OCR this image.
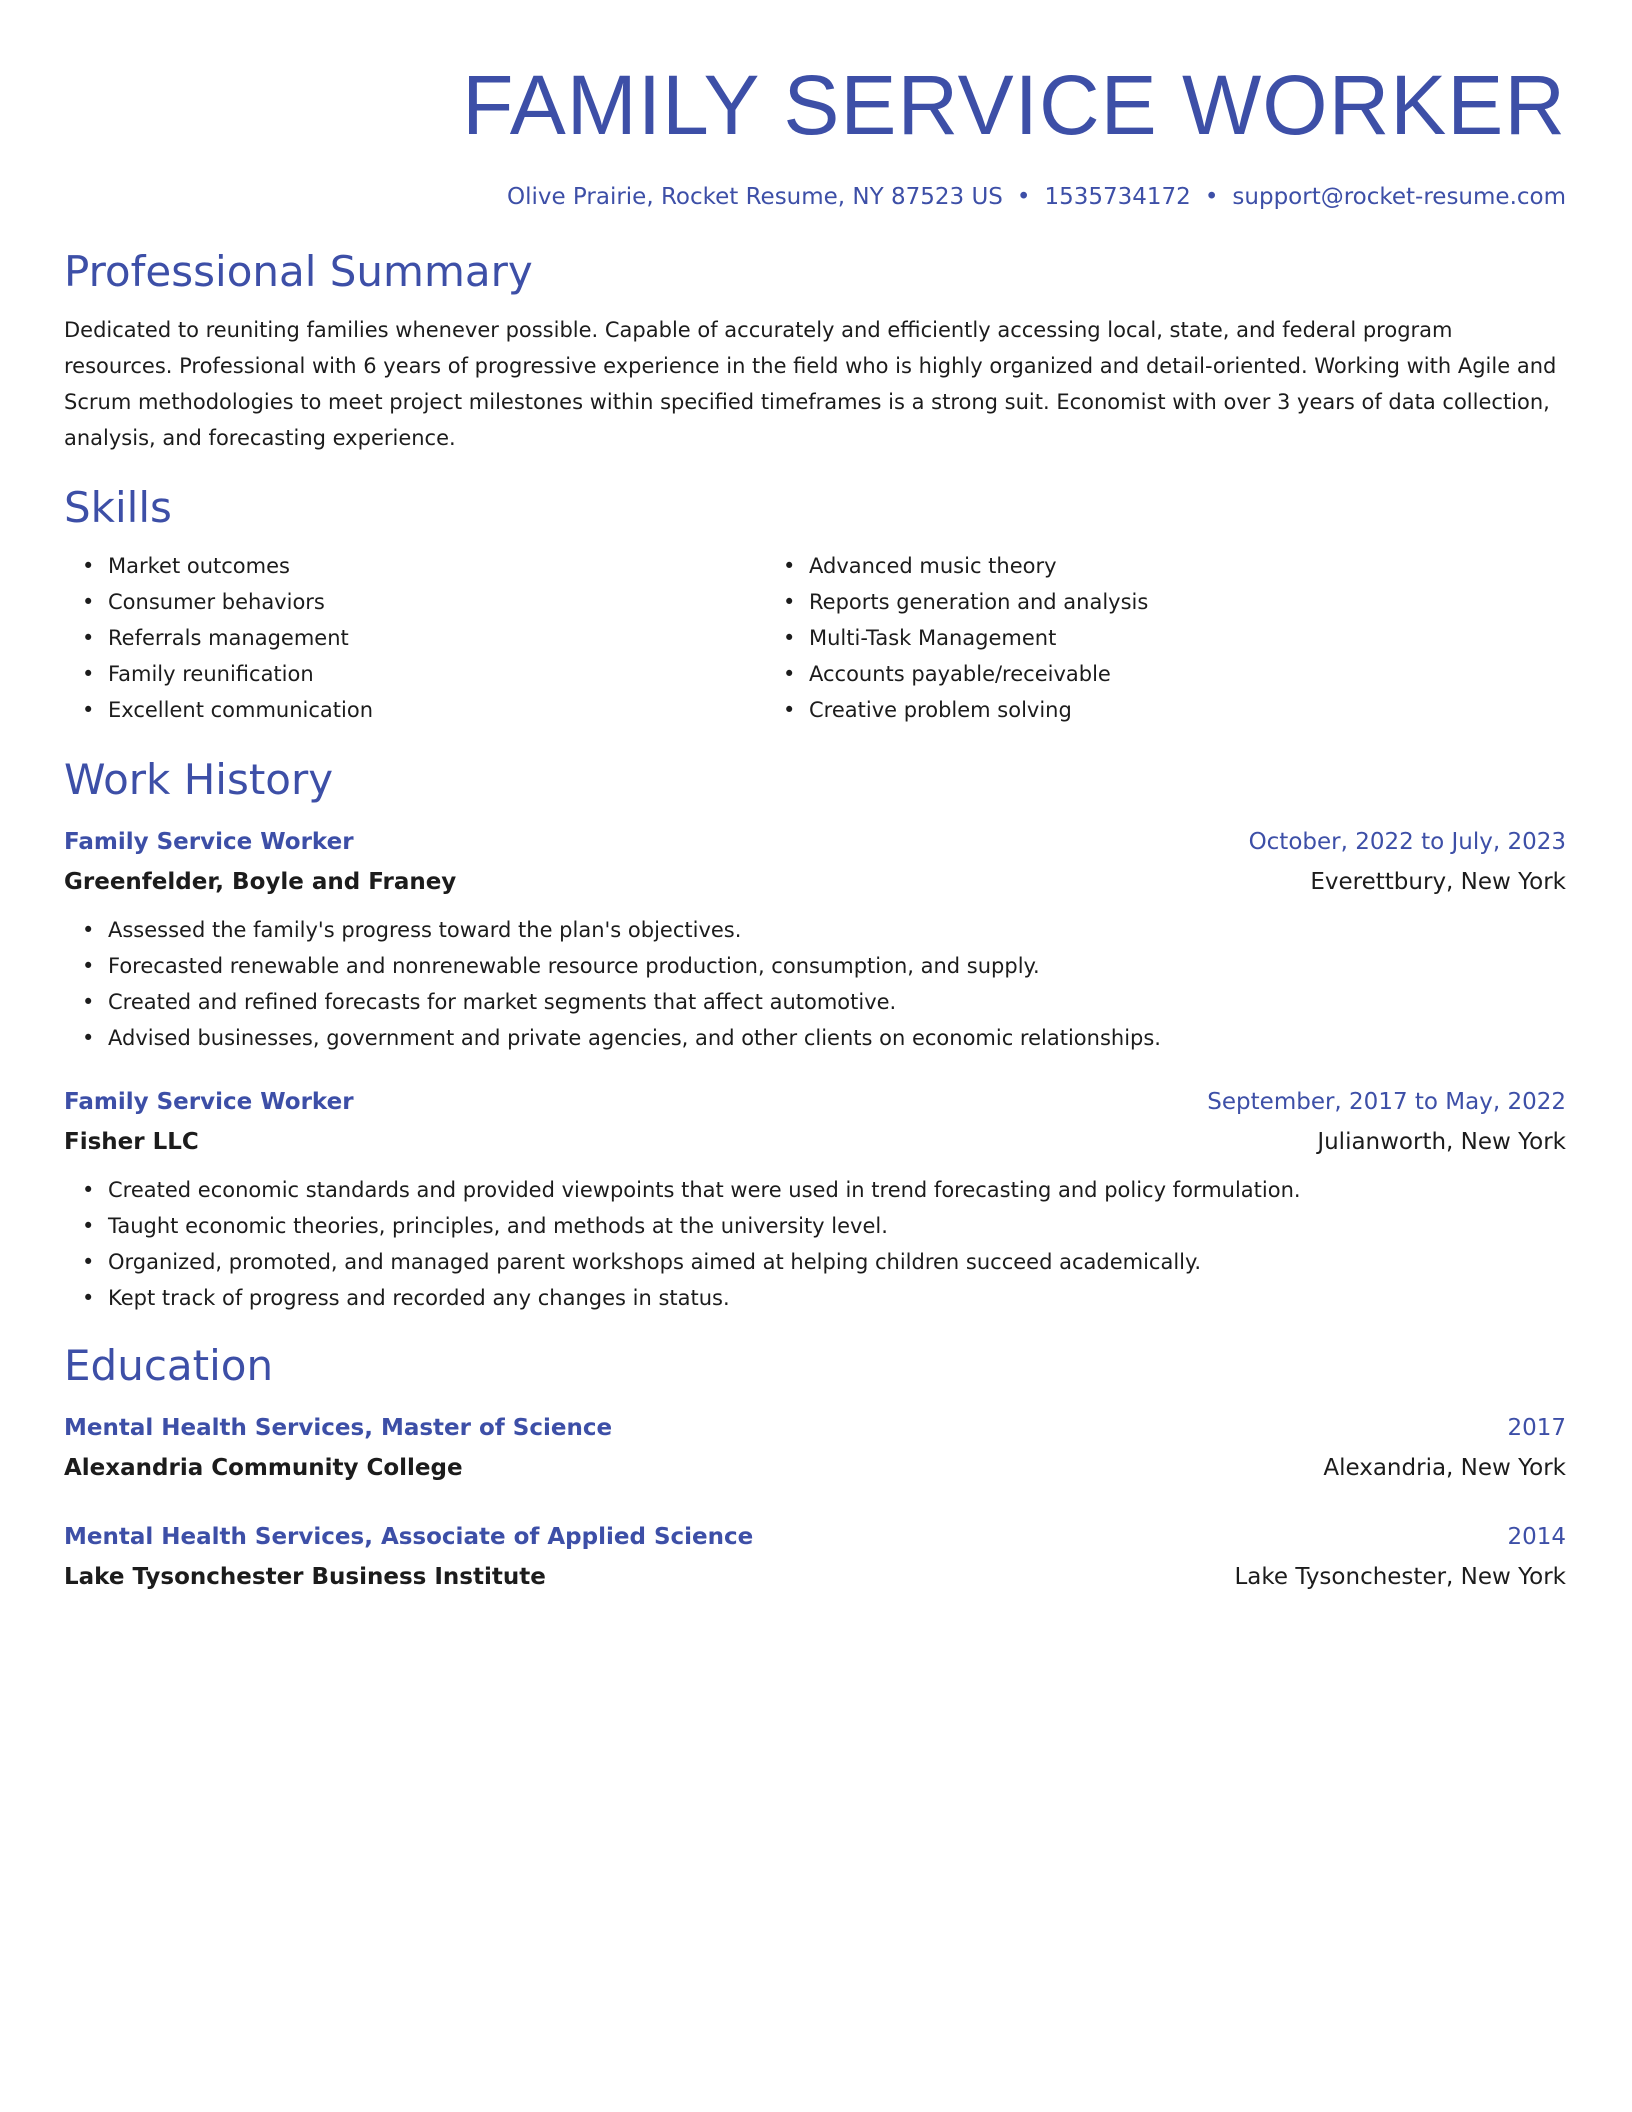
FAMILY SERVICE WORKER
Olive Prairie, Rocket Resume, NY 87523 US • 1535734172 • support@rocket-resume.com
Professional Summary
Dedicated to reuniting families whenever possible. Capable of accurately and efficiently accessing local, state, and federal program resources. Professional with 6 years of progressive experience in the field who is highly organized and detail-oriented. Working with Agile and Scrum methodologies to meet project milestones within specified timeframes is a strong suit. Economist with over 3 years of data collection, analysis, and forecasting experience.
Skills
• Market outcomes
• Consumer behaviors
• Referrals management
• Family reunification
• Excellent communication
• Advanced music theory
• Reports generation and analysis
• Multi-Task Management
• Accounts payable/receivable
• Creative problem solving
Work History
Family Service Worker	October, 2022 to July, 2023
Greenfelder, Boyle and Franey	Everettbury, New York
• Assessed the family's progress toward the plan's objectives.
• Forecasted renewable and nonrenewable resource production, consumption, and supply.
• Created and refined forecasts for market segments that affect automotive.
• Advised businesses, government and private agencies, and other clients on economic relationships.
Family Service Worker	September, 2017 to May, 2022
Fisher LLC	Julianworth, New York
• Created economic standards and provided viewpoints that were used in trend forecasting and policy formulation.
• Taught economic theories, principles, and methods at the university level.
• Organized, promoted, and managed parent workshops aimed at helping children succeed academically.
• Kept track of progress and recorded any changes in status.
Education
Mental Health Services, Master of Science	2017
Alexandria Community College	Alexandria, New York
Mental Health Services, Associate of Applied Science	2014
Lake Tysonchester Business Institute	Lake Tysonchester, New York
